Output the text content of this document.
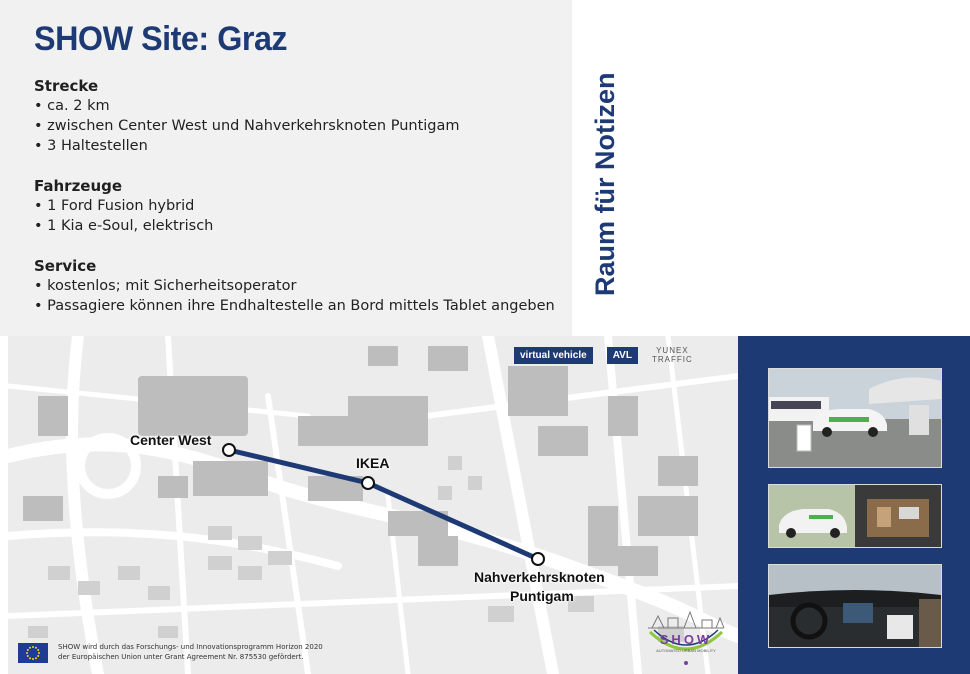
SHOW Site: Graz
Strecke
• ca. 2 km
• zwischen Center West und Nahverkehrsknoten Puntigam
• 3 Haltestellen
Fahrzeuge
• 1 Ford Fusion hybrid
• 1 Kia e-Soul, elektrisch
Service
• kostenlos; mit Sicherheitsoperator
• Passagiere können ihre Endhaltestelle an Bord mittels Tablet angeben
Raum für Notizen
Center West
IKEA
Nahverkehrsknoten
Puntigam
virtual vehicle	AVL	YUNEX
TRAFFIC
SHOW wird durch das Forschungs- und Innovationsprogramm Horizon 2020
der Europäischen Union unter Grant Agreement Nr. 875530 gefördert.
SHOW
AUTOMATED URBAN MOBILITY
